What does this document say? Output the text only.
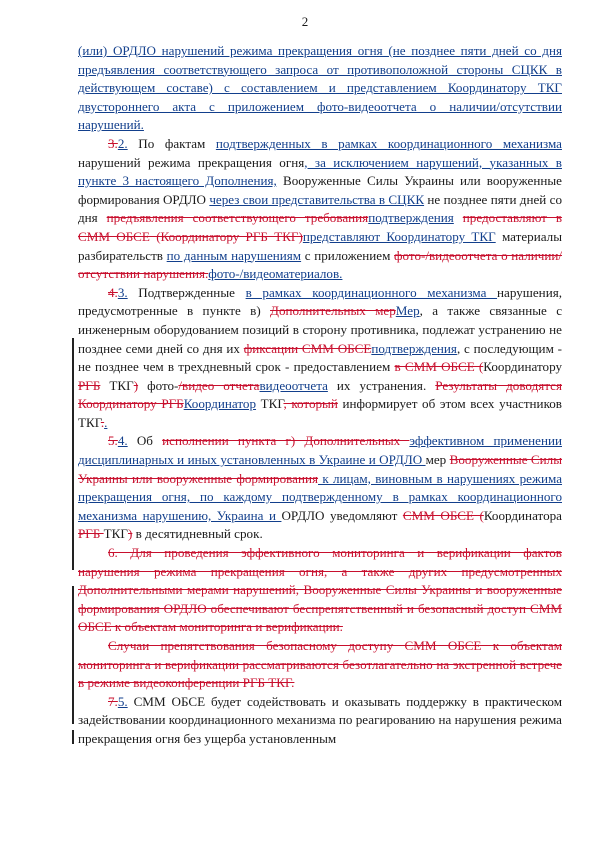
2

(или) ОРДЛО нарушений режима прекращения огня (не позднее пяти дней со дня предъявления соответствующего запроса от противоположной стороны СЦКК в действующем составе) с составлением и представлением Координатору ТКГ двустороннего акта с приложением фото-видеоотчета о наличии/отсутствии нарушений.

3.2. По фактам подтвержденных в рамках координационного механизма нарушений режима прекращения огня, за исключением нарушений, указанных в пункте 3 настоящего Дополнения, Вооруженные Силы Украины или вооруженные формирования ОРДЛО через свои представительства в СЦКК не позднее пяти дней со дня предъявления соответствующего требованияподтверждения предоставляют в СММ ОБСЕ (Координатору РГБ ТКГ)представляют Координатору ТКГ материалы разбирательств по данным нарушениям с приложением фото-/видеоотчета о наличии/отсутствии нарушения.фото-/видеоматериалов.

4.3. Подтвержденные в рамках координационного механизма нарушения, предусмотренные в пункте в) Дополнительных мерМер, а также связанные с инженерным оборудованием позиций в сторону противника, подлежат устранению не позднее семи дней со дня их фиксации СММ ОБСЕподтверждения, с последующим - не позднее чем в трехдневный срок - предоставлением в СММ ОБСЕ (Координатору РГБ ТКГ) фото-/видео отчетавидеоотчета их устранения. Результаты доводятся Координатору РГБКоординатор ТКГ, который информирует об этом всех участников ТКГ..

5.4. Об исполнении пункта г) Дополнительных эффективном применении дисциплинарных и иных установленных в Украине и ОРДЛО мер Вооруженные Силы Украины или вооруженные формирования к лицам, виновным в нарушениях режима прекращения огня, по каждому подтвержденному в рамках координационного механизма нарушению, Украина и ОРДЛО уведомляют СММ ОБСЕ (Координатора РГБ ТКГ) в десятидневный срок.

6. Для проведения эффективного мониторинга и верификации фактов нарушения режима прекращения огня, а также других предусмотренных Дополнительными мерами нарушений, Вооруженные Силы Украины и вооруженные формирования ОРДЛО обеспечивают беспрепятственный и безопасный доступ СММ ОБСЕ к объектам мониторинга и верификации.

Случаи препятствования безопасному доступу СММ ОБСЕ к объектам мониторинга и верификации рассматриваются безотлагательно на экстренной встрече в режиме видеоконференции РГБ ТКГ.

7.5. СММ ОБСЕ будет содействовать и оказывать поддержку в практическом задействовании координационного механизма по реагированию на нарушения режима прекращения огня без ущерба установленным
